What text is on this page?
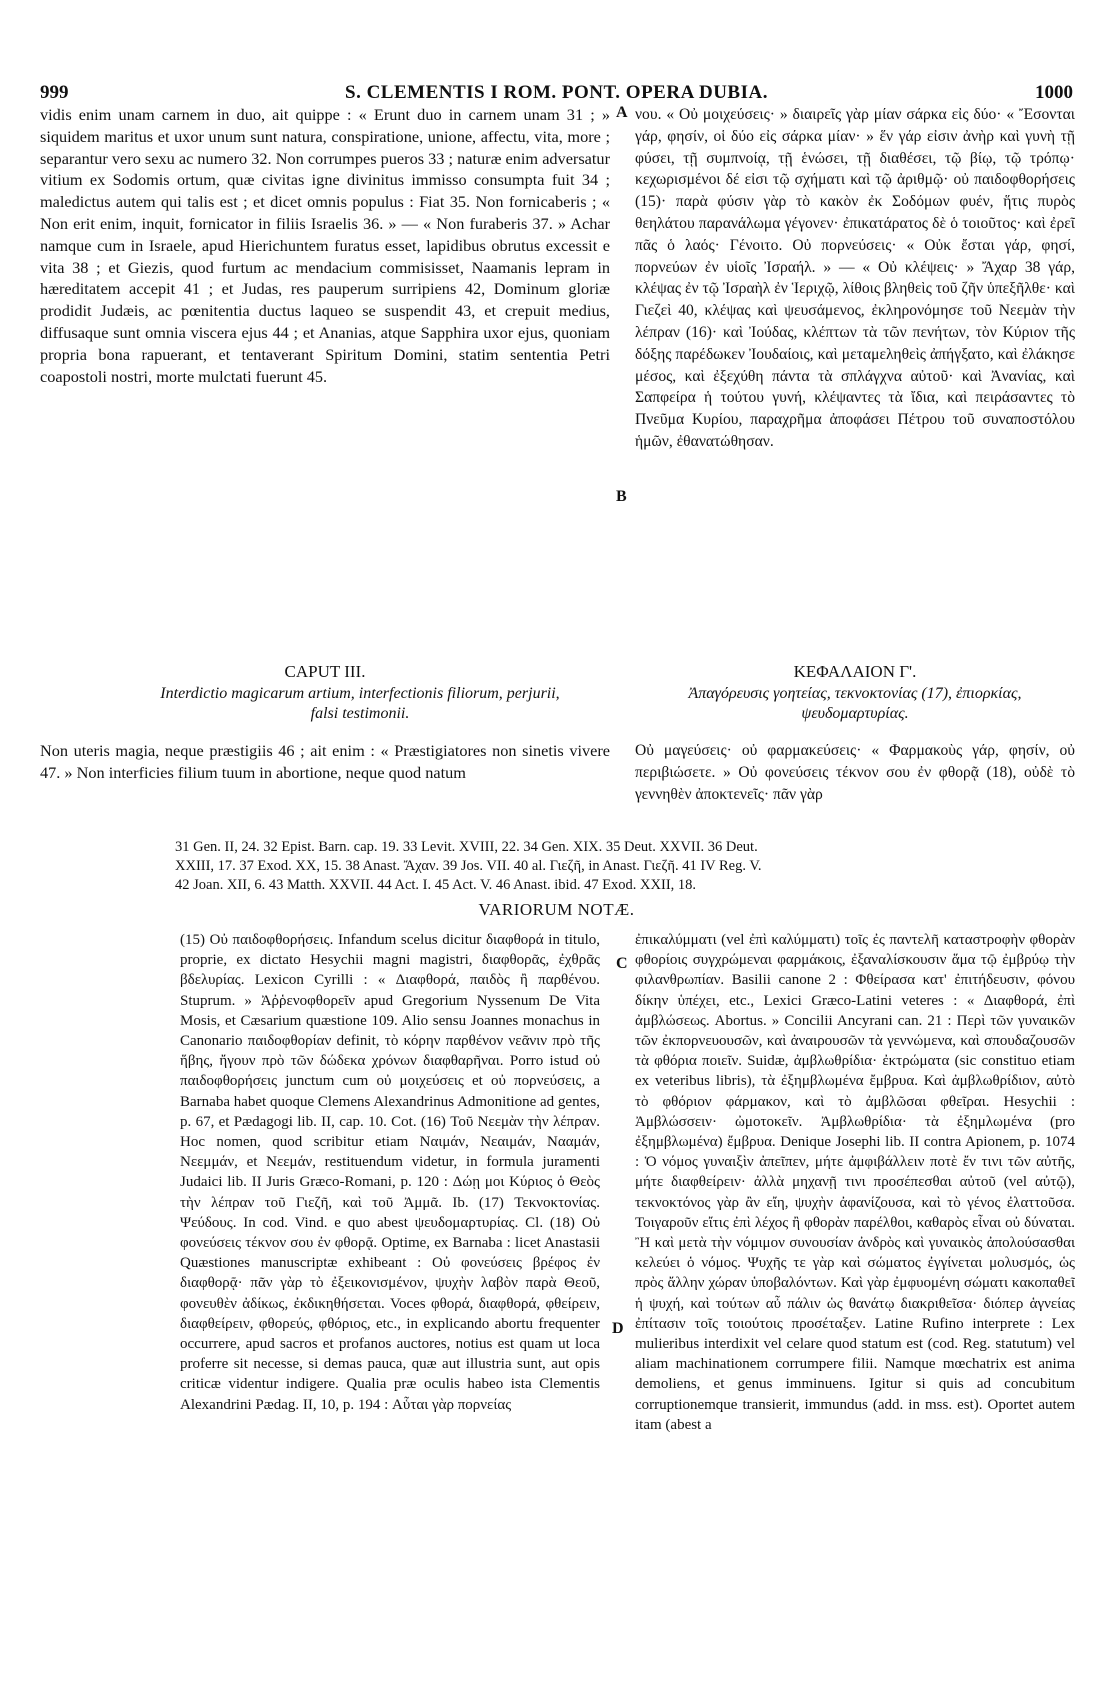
999	S. CLEMENTIS I ROM. PONT. OPERA DUBIA.	1000

vidis enim unam carnem in duo, ait quippe : « Erunt duo in carnem unam 31 ; » siquidem maritus et uxor unum sunt natura, conspiratione, unione, affectu, vita, more ; separantur vero sexu ac numero 32. Non corrumpes pueros 33 ; naturæ enim adversatur vitium ex Sodomis ortum, quæ civitas igne divinitus immisso consumpta fuit 34 ; maledictus autem qui talis est ; et dicet omnis populus : Fiat 35. Non fornicaberis ; « Non erit enim, inquit, fornicator in filiis Israelis 36. » — « Non furaberis 37. » Achar namque cum in Israele, apud Hierichuntem furatus esset, lapidibus obrutus excessit e vita 38 ; et Giezis, quod furtum ac mendacium commisisset, Naamanis lepram in hæreditatem accepit 41 ; et Judas, res pauperum surripiens 42, Dominum gloriæ prodidit Judæis, ac pœnitentia ductus laqueo se suspendit 43, et crepuit medius, diffusaque sunt omnia viscera ejus 44 ; et Ananias, atque Sapphira uxor ejus, quoniam propria bona rapuerant, et tentaverant Spiritum Domini, statim sententia Petri coapostoli nostri, morte mulctati fuerunt 45.

νου. « Οὐ μοιχεύσεις· » διαιρεῖς γὰρ μίαν σάρκα εἰς δύο· « Ἔσονται γάρ, φησίν, οἱ δύο εἰς σάρκα μίαν· » ἕν γάρ εἰσιν ἀνὴρ καὶ γυνὴ τῇ φύσει, τῇ συμπνοίᾳ, τῇ ἑνώσει, τῇ διαθέσει, τῷ βίῳ, τῷ τρόπῳ· κεχωρισμένοι δέ εἰσι τῷ σχήματι καὶ τῷ ἀριθμῷ· οὐ παιδοφθορήσεις (15)· παρὰ φύσιν γὰρ τὸ κακὸν ἐκ Σοδόμων φυέν, ἥτις πυρὸς θεηλάτου παρανάλωμα γέγονεν· ἐπικατάρατος δὲ ὁ τοιοῦτος· καὶ ἐρεῖ πᾶς ὁ λαός· Γένοιτο. Οὐ πορνεύσεις· « Οὐκ ἔσται γάρ, φησί, πορνεύων ἐν υἱοῖς Ἰσραήλ. » — « Οὐ κλέψεις· » Ἄχαρ 38 γάρ, κλέψας ἐν τῷ Ἰσραὴλ ἐν Ἱεριχῷ, λίθοις βληθεὶς τοῦ ζῆν ὑπεξῆλθε· καὶ Γιεζεὶ 40, κλέψας καὶ ψευσάμενος, ἐκληρονόμησε τοῦ Νεεμὰν τὴν λέπραν (16)· καὶ Ἰούδας, κλέπτων τὰ τῶν πενήτων, τὸν Κύριον τῆς δόξης παρέδωκεν Ἰουδαίοις, καὶ μεταμεληθεὶς ἀπήγξατο, καὶ ἐλάκησε μέσος, καὶ ἐξεχύθη πάντα τὰ σπλάγχνα αὐτοῦ· καὶ Ἀνανίας, καὶ Σαπφείρα ἡ τούτου γυνή, κλέψαντες τὰ ἴδια, καὶ πειράσαντες τὸ Πνεῦμα Κυρίου, παραχρῆμα ἀποφάσει Πέτρου τοῦ συναποστόλου ἡμῶν, ἐθανατώθησαν.

A
B
C
D
CAPUT III.
Interdictio magicarum artium, interfectionis filiorum, perjurii, falsi testimonii.
ΚΕΦΑΛΑΙΟΝ Γ'.
Ἀπαγόρευσις γοητείας, τεκνοκτονίας (17), ἐπιορκίας, ψευδομαρτυρίας.

Non uteris magia, neque præstigiis 46 ; ait enim : « Præstigiatores non sinetis vivere 47. » Non interficies filium tuum in abortione, neque quod natum

Οὐ μαγεύσεις· οὐ φαρμακεύσεις· « Φαρμακοὺς γάρ, φησίν, οὐ περιβιώσετε. » Οὐ φονεύσεις τέκνον σου ἐν φθορᾷ (18), οὐδὲ τὸ γεννηθὲν ἀποκτενεῖς· πᾶν γὰρ

31 Gen. II, 24. 32 Epist. Barn. cap. 19. 33 Levit. XVIII, 22. 34 Gen. XIX. 35 Deut. XXVII. 36 Deut.
XXIII, 17. 37 Exod. XX, 15. 38 Anast. Ἄχαν. 39 Jos. VII. 40 al. Γιεζῆ, in Anast. Γιεζῆ. 41 IV Reg. V.
42 Joan. XII, 6. 43 Matth. XXVII. 44 Act. I. 45 Act. V. 46 Anast. ibid. 47 Exod. XXII, 18.
VARIORUM NOTÆ.

(15) Οὐ παιδοφθορήσεις. Infandum scelus dicitur διαφθορά in titulo, proprie, ex dictato Hesychii magni magistri, διαφθορᾶς, ἐχθρᾶς βδελυρίας. Lexicon Cyrilli : « Διαφθορά, παιδὸς ἢ παρθένου. Stuprum. » Ἀῤῥενοφθορεῖν apud Gregorium Nyssenum De Vita Mosis, et Cæsarium quæstione 109. Alio sensu Joannes monachus in Canonario παιδοφθορίαν definit, τὸ κόρην παρθένον νεᾶνιν πρὸ τῆς ἥβης, ἤγουν πρὸ τῶν δώδεκα χρόνων διαφθαρῆναι. Porro istud οὐ παιδοφθορήσεις junctum cum οὐ μοιχεύσεις et οὐ πορνεύσεις, a Barnaba habet quoque Clemens Alexandrinus Admonitione ad gentes, p. 67, et Pædagogi lib. II, cap. 10. Cot. (16) Τοῦ Νεεμὰν τὴν λέπραν. Hoc nomen, quod scribitur etiam Ναιμάν, Νεαιμάν, Νααμάν, Νεεμμάν, et Νεεμάν, restituendum videtur, in formula juramenti Judaici lib. II Juris Græco-Romani, p. 120 : Δώῃ μοι Κύριος ὁ Θεὸς τὴν λέπραν τοῦ Γιεζῆ, καὶ τοῦ Ἀμμᾶ. Ib. (17) Τεκνοκτονίας. Ψεύδους. In cod. Vind. e quo abest ψευδομαρτυρίας. Cl. (18) Οὐ φονεύσεις τέκνον σου ἐν φθορᾷ. Optime, ex Barnaba : licet Anastasii Quæstiones manuscriptæ exhibeant : Οὐ φονεύσεις βρέφος ἐν διαφθορᾷ· πᾶν γὰρ τὸ ἐξεικονισμένον, ψυχὴν λαβὸν παρὰ Θεοῦ, φονευθὲν ἀδίκως, ἐκδικηθήσεται. Voces φθορά, διαφθορά, φθείρειν, διαφθείρειν, φθορεύς, φθόριος, etc., in explicando abortu frequenter occurrere, apud sacros et profanos auctores, notius est quam ut loca proferre sit necesse, si demas pauca, quæ aut illustria sunt, aut opis criticæ videntur indigere. Qualia præ oculis habeo ista Clementis Alexandrini Pædag. II, 10, p. 194 : Αὗται γὰρ πορνείας

ἐπικαλύμματι (vel ἐπὶ καλύμματι) τοῖς ἐς παντελῆ καταστροφὴν φθορὰν φθορίοις συγχρώμεναι φαρμάκοις, ἐξαναλίσκουσιν ἅμα τῷ ἐμβρύῳ τὴν φιλανθρωπίαν. Basilii canone 2 : Φθείρασα κατ' ἐπιτήδευσιν, φόνου δίκην ὑπέχει, etc., Lexici Græco-Latini veteres : « Διαφθορά, ἐπὶ ἀμβλώσεως. Abortus. » Concilii Ancyrani can. 21 : Περὶ τῶν γυναικῶν τῶν ἐκπορνευουσῶν, καὶ ἀναιρουσῶν τὰ γεννώμενα, καὶ σπουδαζουσῶν τὰ φθόρια ποιεῖν. Suidæ, ἀμβλωθρίδια· ἐκτρώματα (sic constituo etiam ex veteribus libris), τὰ ἐξημβλωμένα ἔμβρυα. Καὶ ἀμβλωθρίδιον, αὐτὸ τὸ φθόριον φάρμακον, καὶ τὸ ἀμβλῶσαι φθεῖραι. Hesychii : Ἀμβλώσσειν· ὠμοτοκεῖν. Ἀμβλωθρίδια· τὰ ἐξημλωμένα (pro ἐξημβλωμένα) ἔμβρυα. Denique Josephi lib. II contra Apionem, p. 1074 : Ὁ νόμος γυναιξὶν ἀπεῖπεν, μήτε ἀμφιβάλλειν ποτὲ ἔν τινι τῶν αὐτῆς, μήτε διαφθείρειν· ἀλλὰ μηχανῇ τινι προσέπεσθαι αὐτοῦ (vel αὐτῷ), τεκνοκτόνος γὰρ ἂν εἴη, ψυχὴν ἀφανίζουσα, καὶ τὸ γένος ἐλαττοῦσα. Τοιγαροῦν εἴτις ἐπὶ λέχος ἢ φθορὰν παρέλθοι, καθαρὸς εἶναι οὐ δύναται. Ἢ καὶ μετὰ τὴν νόμιμον συνουσίαν ἀνδρὸς καὶ γυναικὸς ἀπολούσασθαι κελεύει ὁ νόμος. Ψυχῆς τε γὰρ καὶ σώματος ἐγγίνεται μολυσμός, ὡς πρὸς ἄλλην χώραν ὑποβαλόντων. Καὶ γὰρ ἐμφυομένη σώματι κακοπαθεῖ ἡ ψυχή, καὶ τούτων αὖ πάλιν ὡς θανάτῳ διακριθεῖσα· διόπερ ἁγνείας ἐπίτασιν τοῖς τοιούτοις προσέταξεν. Latine Rufino interprete : Lex mulieribus interdixit vel celare quod statum est (cod. Reg. statutum) vel aliam machinationem corrumpere filii. Namque mœchatrix est anima demoliens, et genus imminuens. Igitur si quis ad concubitum corruptionemque transierit, immundus (add. in mss. est). Oportet autem itam (abest a
